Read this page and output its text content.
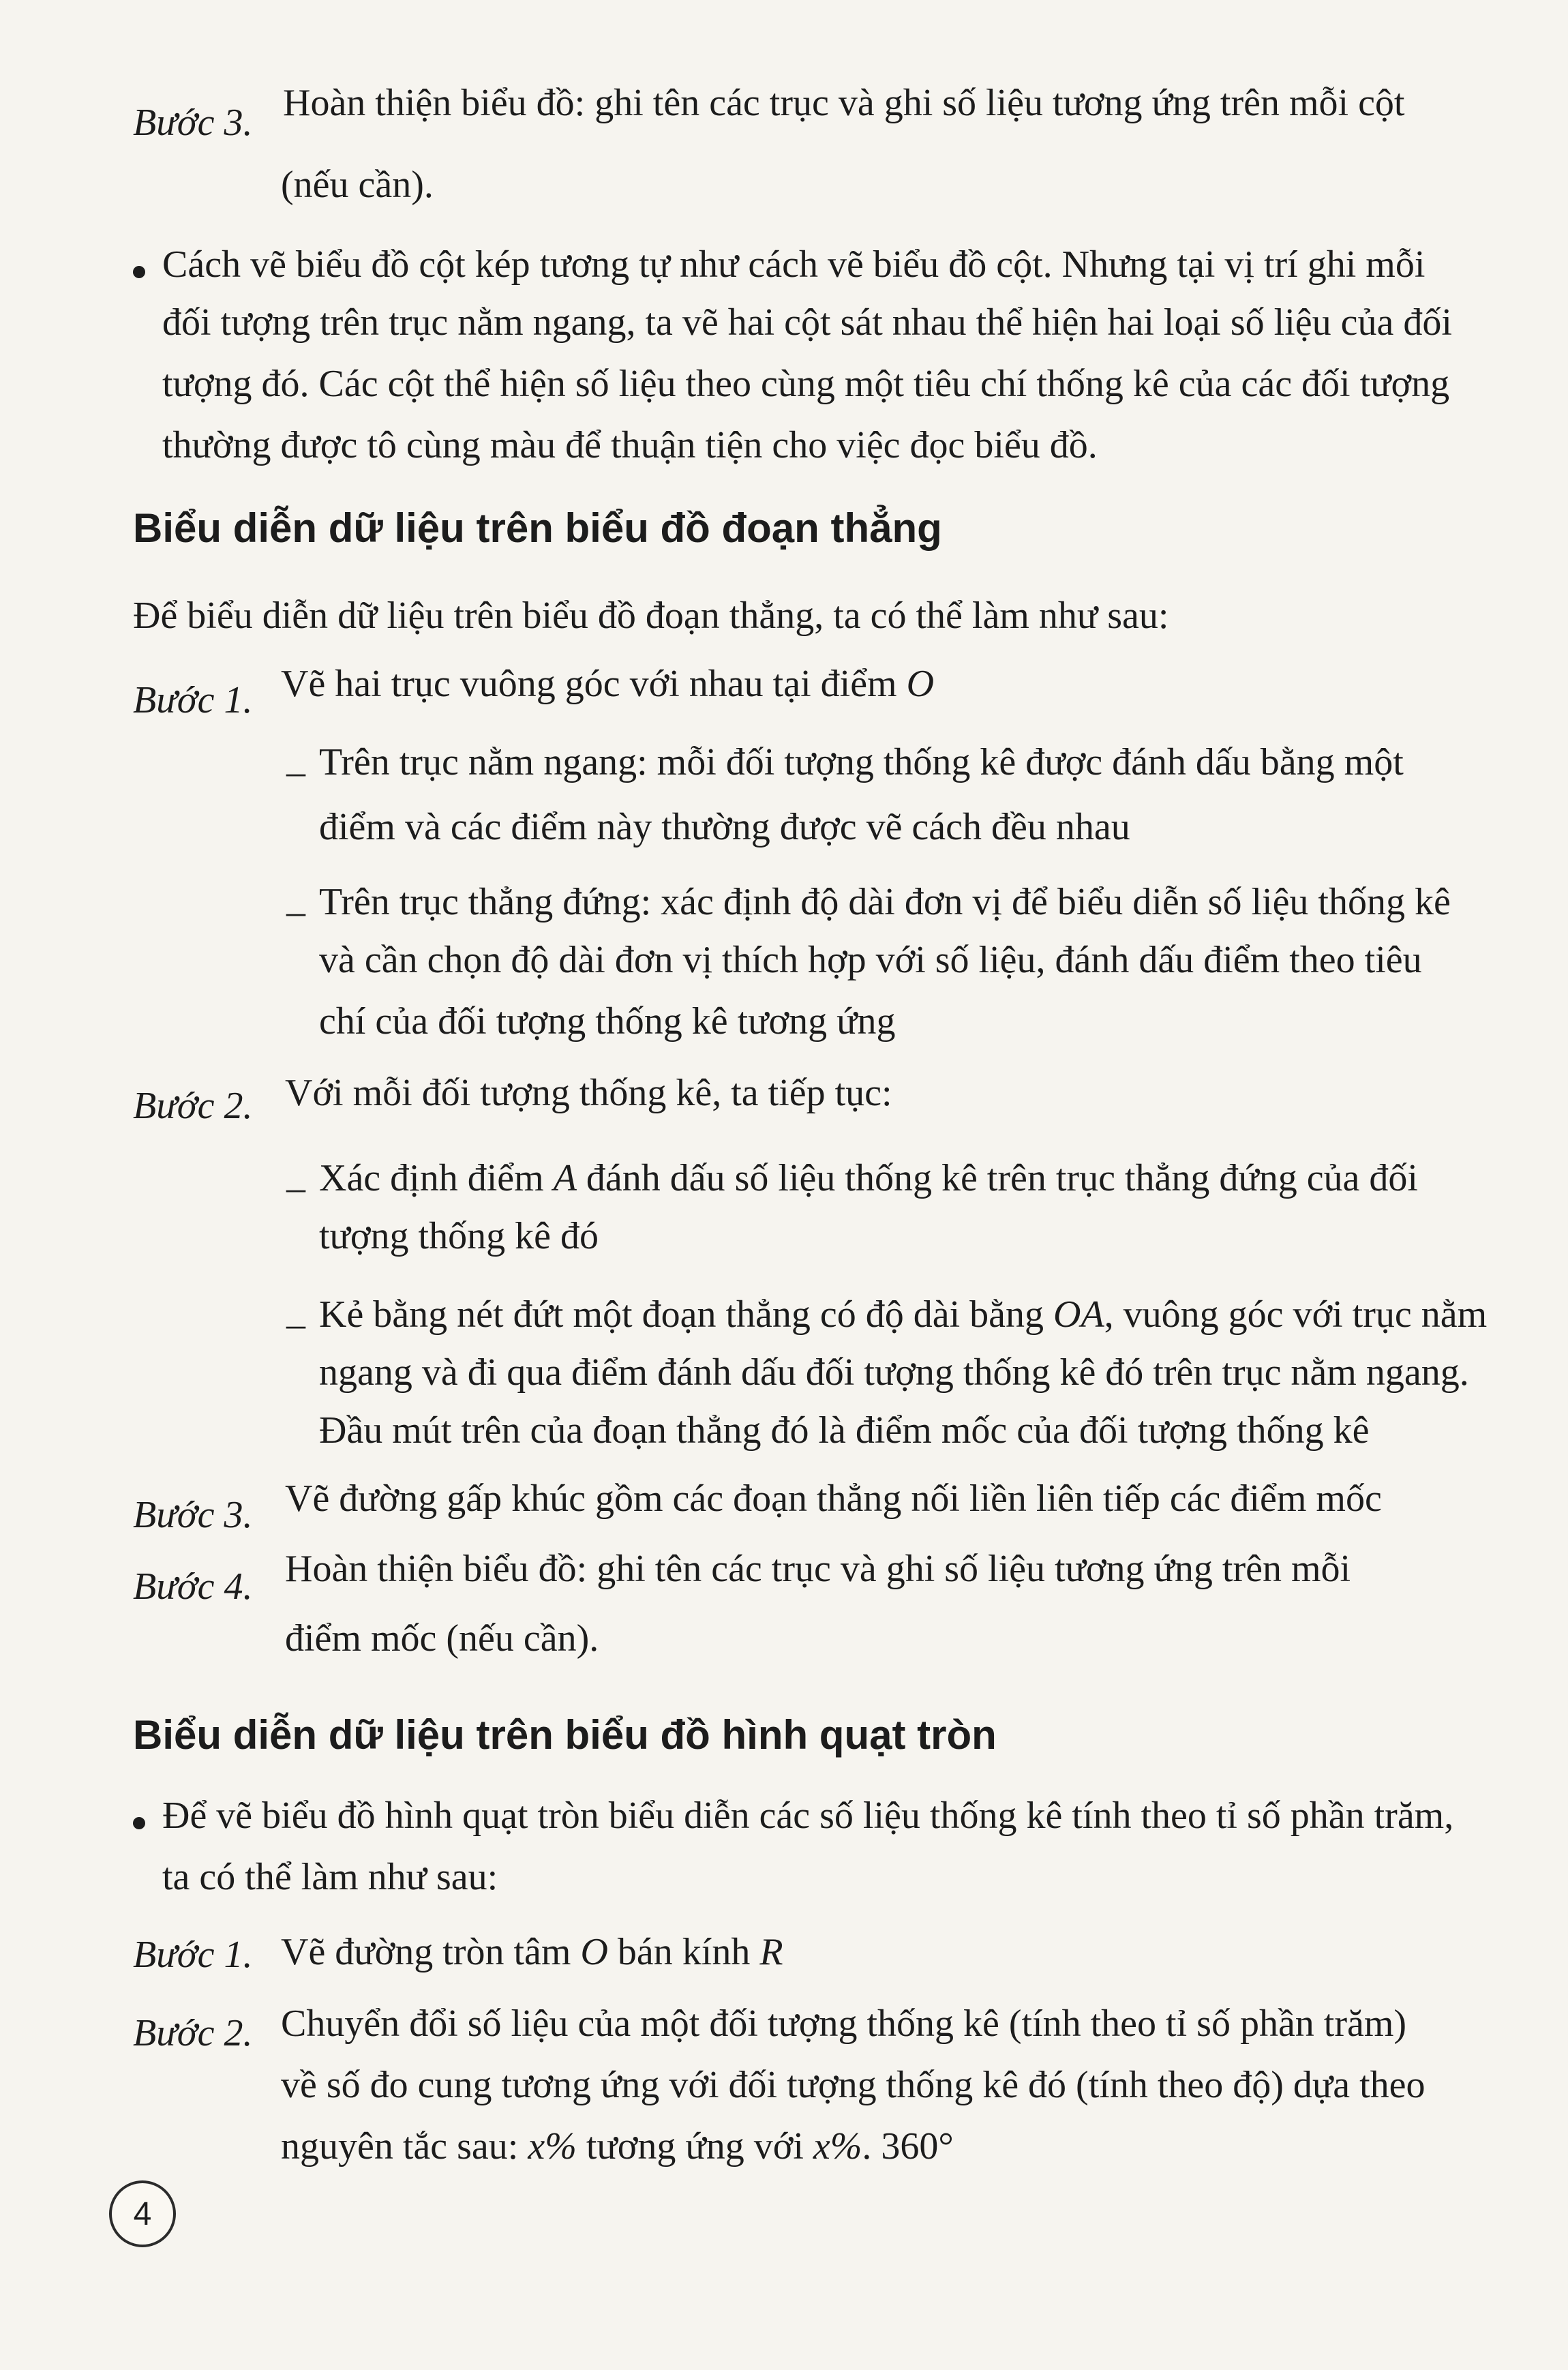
Bước 3. Hoàn thiện biểu đồ: ghi tên các trục và ghi số liệu tương ứng trên mỗi cột
(nếu cần).
Cách vẽ biểu đồ cột kép tương tự như cách vẽ biểu đồ cột. Nhưng tại vị trí ghi mỗi
đối tượng trên trục nằm ngang, ta vẽ hai cột sát nhau thể hiện hai loại số liệu của đối
tượng đó. Các cột thể hiện số liệu theo cùng một tiêu chí thống kê của các đối tượng
thường được tô cùng màu để thuận tiện cho việc đọc biểu đồ.
Biểu diễn dữ liệu trên biểu đồ đoạn thẳng
Để biểu diễn dữ liệu trên biểu đồ đoạn thẳng, ta có thể làm như sau:
Bước 1. Vẽ hai trục vuông góc với nhau tại điểm O
– Trên trục nằm ngang: mỗi đối tượng thống kê được đánh dấu bằng một
điểm và các điểm này thường được vẽ cách đều nhau
– Trên trục thẳng đứng: xác định độ dài đơn vị để biểu diễn số liệu thống kê
và cần chọn độ dài đơn vị thích hợp với số liệu, đánh dấu điểm theo tiêu
chí của đối tượng thống kê tương ứng
Bước 2. Với mỗi đối tượng thống kê, ta tiếp tục:
– Xác định điểm A đánh dấu số liệu thống kê trên trục thẳng đứng của đối
tượng thống kê đó
– Kẻ bằng nét đứt một đoạn thẳng có độ dài bằng OA, vuông góc với trục nằm
ngang và đi qua điểm đánh dấu đối tượng thống kê đó trên trục nằm ngang.
Đầu mút trên của đoạn thẳng đó là điểm mốc của đối tượng thống kê
Bước 3. Vẽ đường gấp khúc gồm các đoạn thẳng nối liền liên tiếp các điểm mốc
Bước 4. Hoàn thiện biểu đồ: ghi tên các trục và ghi số liệu tương ứng trên mỗi
điểm mốc (nếu cần).
Biểu diễn dữ liệu trên biểu đồ hình quạt tròn
Để vẽ biểu đồ hình quạt tròn biểu diễn các số liệu thống kê tính theo tỉ số phần trăm,
ta có thể làm như sau:
Bước 1. Vẽ đường tròn tâm O bán kính R
Bước 2. Chuyển đổi số liệu của một đối tượng thống kê (tính theo tỉ số phần trăm)
về số đo cung tương ứng với đối tượng thống kê đó (tính theo độ) dựa theo
nguyên tắc sau: x% tương ứng với x%. 360°
4
